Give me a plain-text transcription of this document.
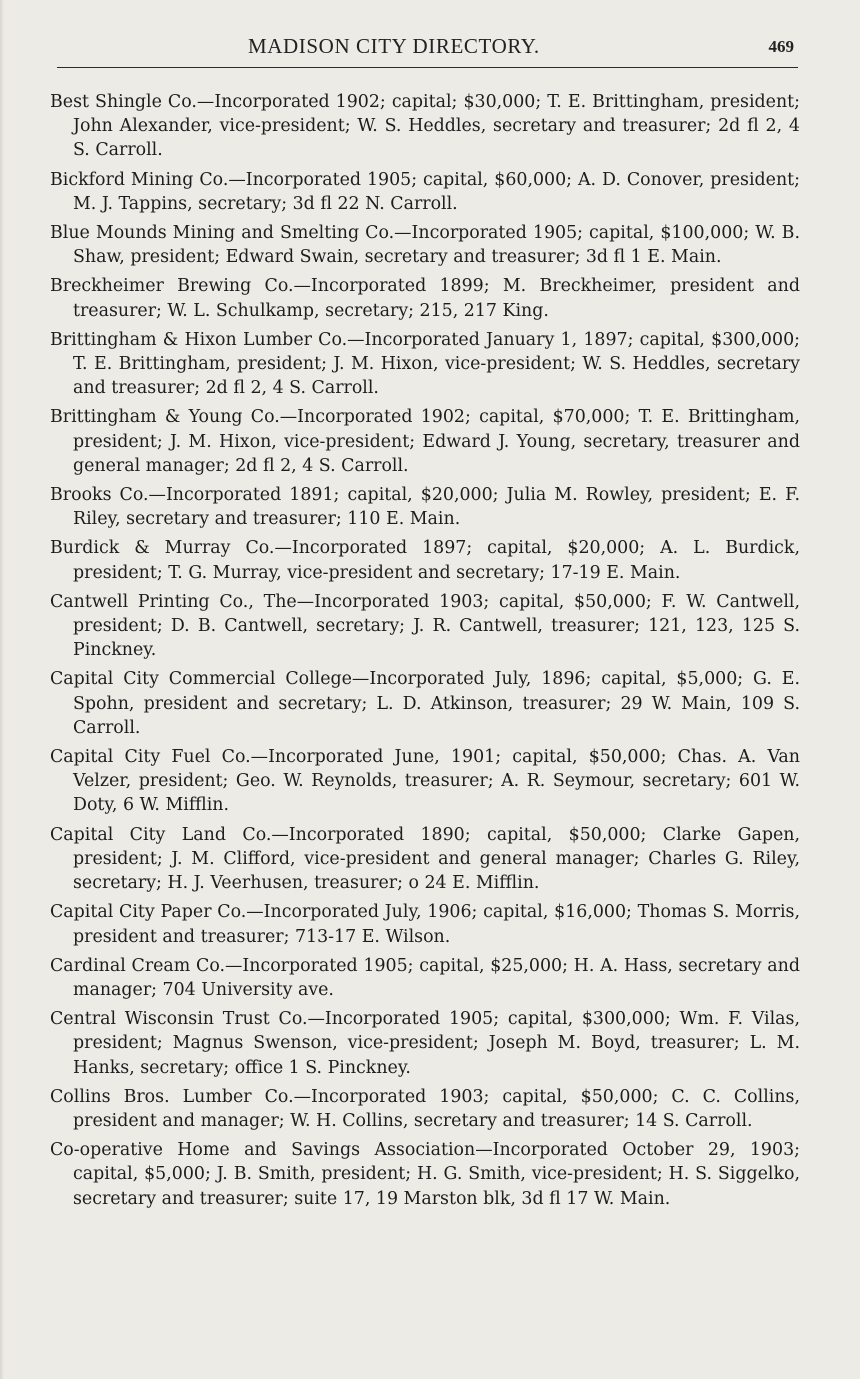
MADISON CITY DIRECTORY.	469

Best Shingle Co.—Incorporated 1902; capital; $30,000; T. E. Brittingham, president; John Alexander, vice-president; W. S. Heddles, secretary and treasurer; 2d fl 2, 4 S. Carroll.

Bickford Mining Co.—Incorporated 1905; capital, $60,000; A. D. Conover, president; M. J. Tappins, secretary; 3d fl 22 N. Carroll.

Blue Mounds Mining and Smelting Co.—Incorporated 1905; capital, $100,000; W. B. Shaw, president; Edward Swain, secretary and treasurer; 3d fl 1 E. Main.

Breckheimer Brewing Co.—Incorporated 1899; M. Breckheimer, president and treasurer; W. L. Schulkamp, secretary; 215, 217 King.

Brittingham & Hixon Lumber Co.—Incorporated January 1, 1897; capital, $300,000; T. E. Brittingham, president; J. M. Hixon, vice-president; W. S. Heddles, secretary and treasurer; 2d fl 2, 4 S. Carroll.

Brittingham & Young Co.—Incorporated 1902; capital, $70,000; T. E. Brittingham, president; J. M. Hixon, vice-president; Edward J. Young, secretary, treasurer and general manager; 2d fl 2, 4 S. Carroll.

Brooks Co.—Incorporated 1891; capital, $20,000; Julia M. Rowley, president; E. F. Riley, secretary and treasurer; 110 E. Main.

Burdick & Murray Co.—Incorporated 1897; capital, $20,000; A. L. Burdick, president; T. G. Murray, vice-president and secretary; 17-19 E. Main.

Cantwell Printing Co., The—Incorporated 1903; capital, $50,000; F. W. Cantwell, president; D. B. Cantwell, secretary; J. R. Cantwell, treasurer; 121, 123, 125 S. Pinckney.

Capital City Commercial College—Incorporated July, 1896; capital, $5,000; G. E. Spohn, president and secretary; L. D. Atkinson, treasurer; 29 W. Main, 109 S. Carroll.

Capital City Fuel Co.—Incorporated June, 1901; capital, $50,000; Chas. A. Van Velzer, president; Geo. W. Reynolds, treasurer; A. R. Seymour, secretary; 601 W. Doty, 6 W. Mifflin.

Capital City Land Co.—Incorporated 1890; capital, $50,000; Clarke Gapen, president; J. M. Clifford, vice-president and general manager; Charles G. Riley, secretary; H. J. Veerhusen, treasurer; o 24 E. Mifflin.

Capital City Paper Co.—Incorporated July, 1906; capital, $16,000; Thomas S. Morris, president and treasurer; 713-17 E. Wilson.

Cardinal Cream Co.—Incorporated 1905; capital, $25,000; H. A. Hass, secretary and manager; 704 University ave.

Central Wisconsin Trust Co.—Incorporated 1905; capital, $300,000; Wm. F. Vilas, president; Magnus Swenson, vice-president; Joseph M. Boyd, treasurer; L. M. Hanks, secretary; office 1 S. Pinckney.

Collins Bros. Lumber Co.—Incorporated 1903; capital, $50,000; C. C. Collins, president and manager; W. H. Collins, secretary and treasurer; 14 S. Carroll.

Co-operative Home and Savings Association—Incorporated October 29, 1903; capital, $5,000; J. B. Smith, president; H. G. Smith, vice-president; H. S. Siggelko, secretary and treasurer; suite 17, 19 Marston blk, 3d fl 17 W. Main.
